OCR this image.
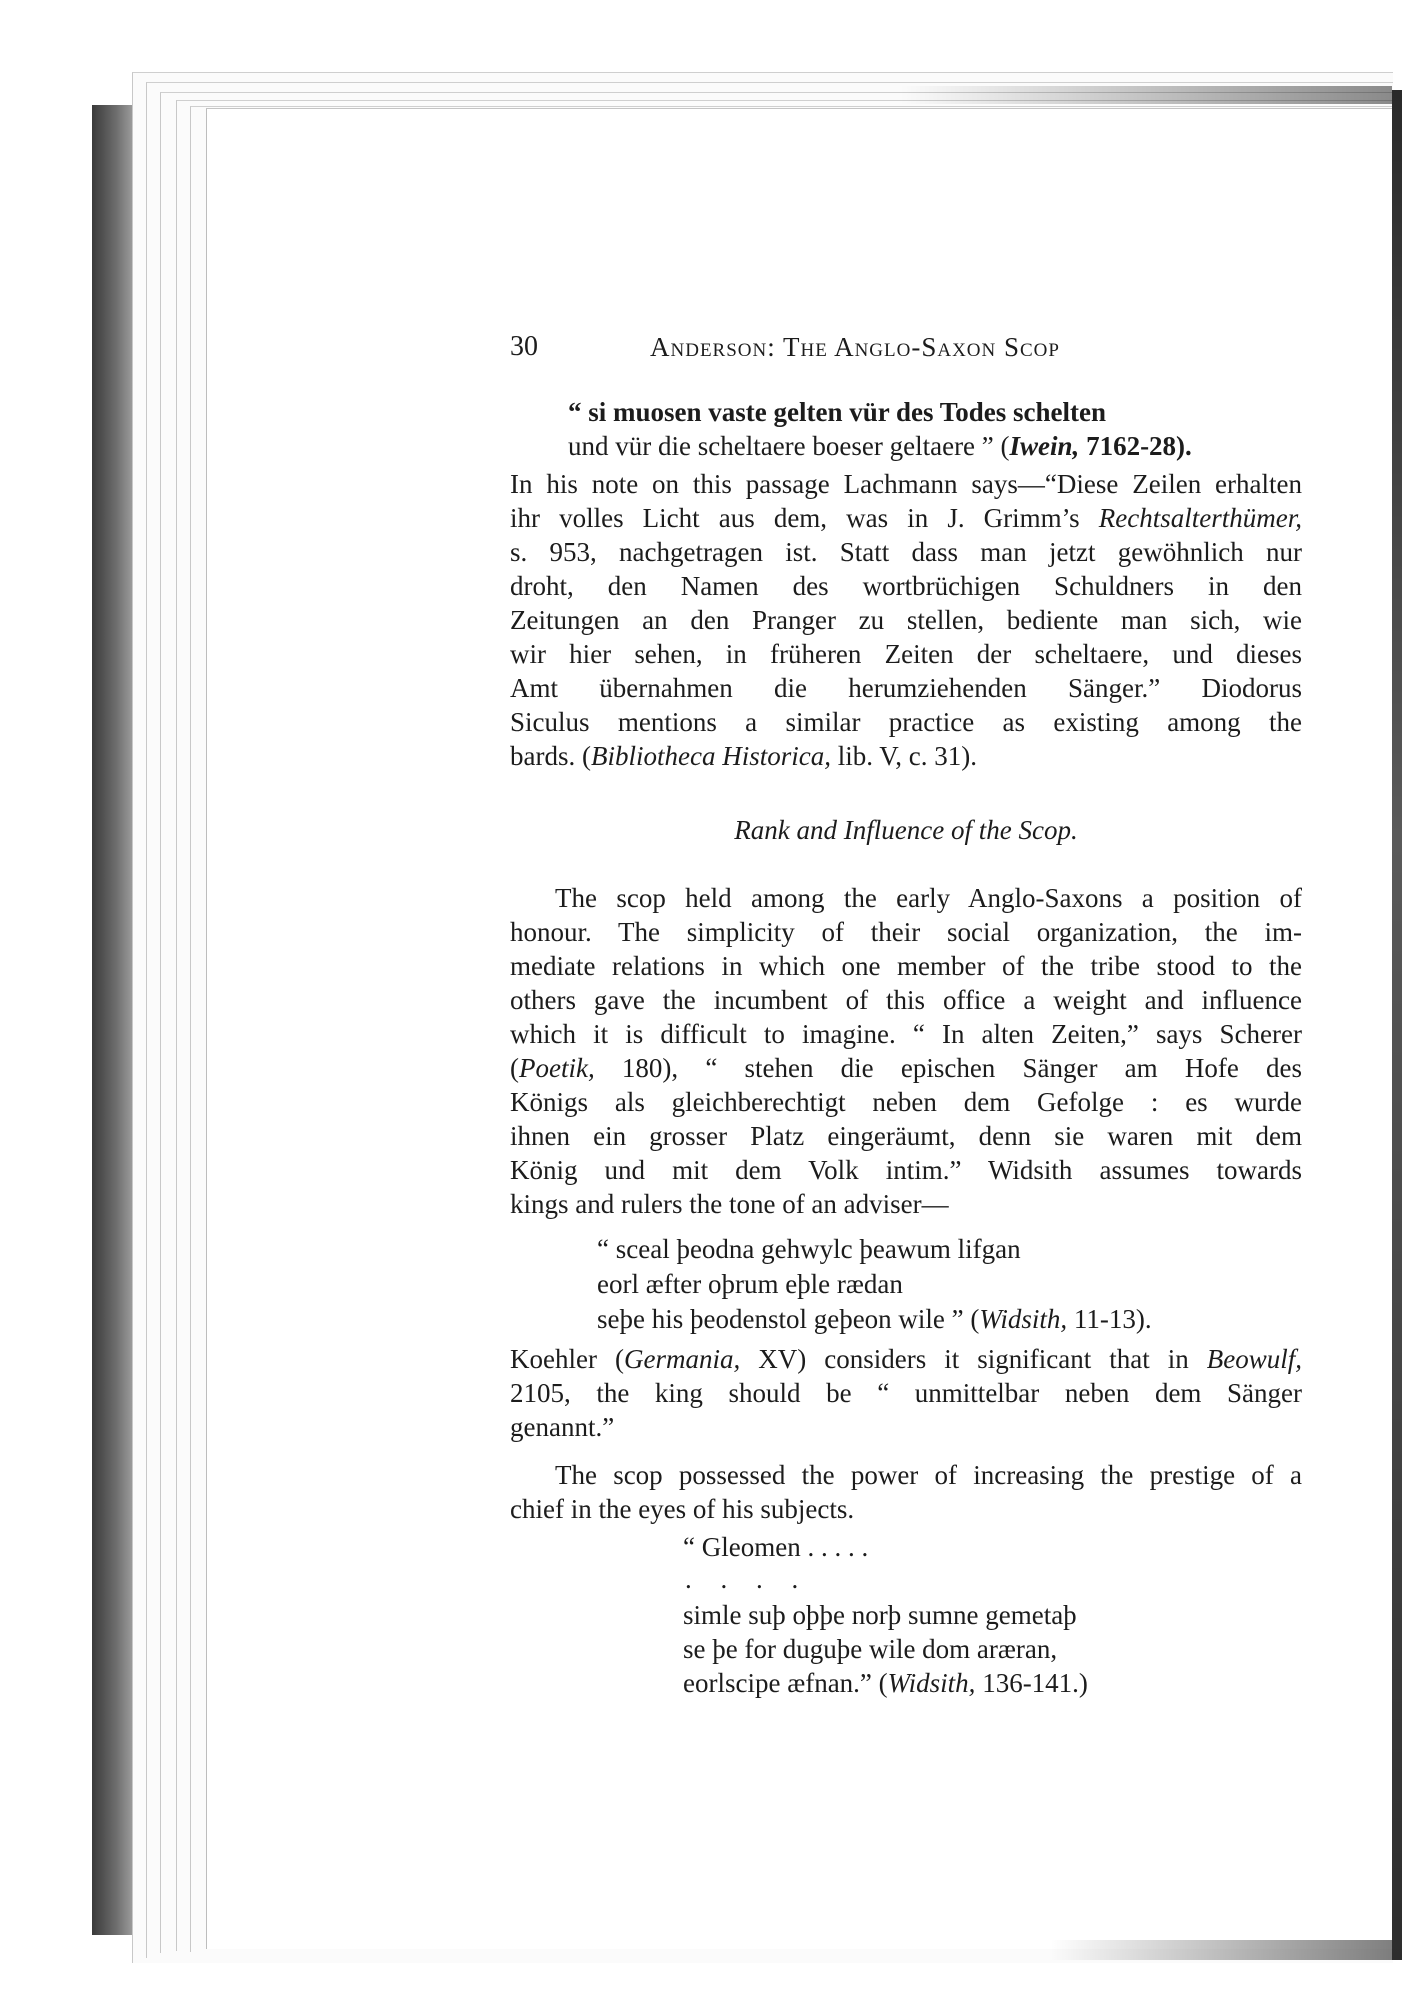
30	Anderson: The Anglo-Saxon Scop
“ si muosen vaste gelten vür des Todes schelten
und vür die scheltaere boeser geltaere ” (Iwein, 7162-28).
In his note on this passage Lachmann says—“Diese Zeilen erhalten
ihr volles Licht aus dem, was in J. Grimm’s Rechtsalterthümer,
s. 953, nachgetragen ist. Statt dass man jetzt gewöhnlich nur
droht, den Namen des wortbrüchigen Schuldners in den
Zeitungen an den Pranger zu stellen, bediente man sich, wie
wir hier sehen, in früheren Zeiten der scheltaere, und dieses
Amt übernahmen die herumziehenden Sänger.” Diodorus
Siculus mentions a similar practice as existing among the
bards. (Bibliotheca Historica, lib. V, c. 31).
Rank and Influence of the Scop.
The scop held among the early Anglo-Saxons a position of
honour. The simplicity of their social organization, the im-
mediate relations in which one member of the tribe stood to the
others gave the incumbent of this office a weight and influence
which it is difficult to imagine. “ In alten Zeiten,” says Scherer
(Poetik, 180), “ stehen die epischen Sänger am Hofe des
Königs als gleichberechtigt neben dem Gefolge : es wurde
ihnen ein grosser Platz eingeräumt, denn sie waren mit dem
König und mit dem Volk intim.” Widsith assumes towards
kings and rulers the tone of an adviser—
“ sceal þeodna gehwylc þeawum lifgan
eorl æfter oþrum eþle rædan
seþe his þeodenstol geþeon wile ” (Widsith, 11-13).
Koehler (Germania, XV) considers it significant that in Beowulf,
2105, the king should be “ unmittelbar neben dem Sänger
genannt.”
The scop possessed the power of increasing the prestige of a
chief in the eyes of his subjects.
“ Gleomen . . . . .
. . . .
simle suþ oþþe norþ sumne gemetaþ
se þe for duguþe wile dom aræran,
eorlscipe æfnan.” (Widsith, 136-141.)
